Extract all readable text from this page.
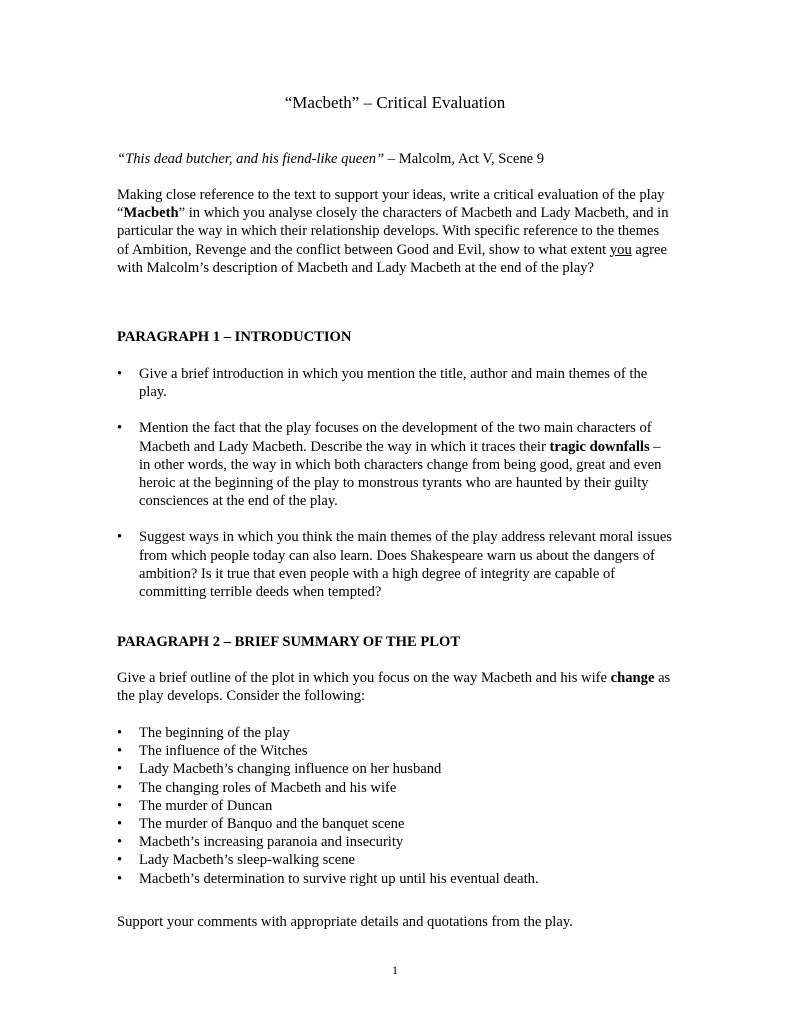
“Macbeth” – Critical Evaluation

“This dead butcher, and his fiend-like queen” – Malcolm, Act V, Scene 9

Making close reference to the text to support your ideas, write a critical evaluation of the play “Macbeth” in which you analyse closely the characters of Macbeth and Lady Macbeth, and in particular the way in which their relationship develops. With specific reference to the themes of Ambition, Revenge and the conflict between Good and Evil, show to what extent you agree with Malcolm’s description of Macbeth and Lady Macbeth at the end of the play?

PARAGRAPH 1 – INTRODUCTION
•	Give a brief introduction in which you mention the title, author and main themes of the play.
•	Mention the fact that the play focuses on the development of the two main characters of Macbeth and Lady Macbeth. Describe the way in which it traces their tragic downfalls – in other words, the way in which both characters change from being good, great and even heroic at the beginning of the play to monstrous tyrants who are haunted by their guilty consciences at the end of the play.
•	Suggest ways in which you think the main themes of the play address relevant moral issues from which people today can also learn. Does Shakespeare warn us about the dangers of ambition? Is it true that even people with a high degree of integrity are capable of committing terrible deeds when tempted?
PARAGRAPH 2 – BRIEF SUMMARY OF THE PLOT

Give a brief outline of the plot in which you focus on the way Macbeth and his wife change as the play develops. Consider the following:

•	The beginning of the play
•	The influence of the Witches
•	Lady Macbeth’s changing influence on her husband
•	The changing roles of Macbeth and his wife
•	The murder of Duncan
•	The murder of Banquo and the banquet scene
•	Macbeth’s increasing paranoia and insecurity
•	Lady Macbeth’s sleep-walking scene
•	Macbeth’s determination to survive right up until his eventual death.

Support your comments with appropriate details and quotations from the play.

1
